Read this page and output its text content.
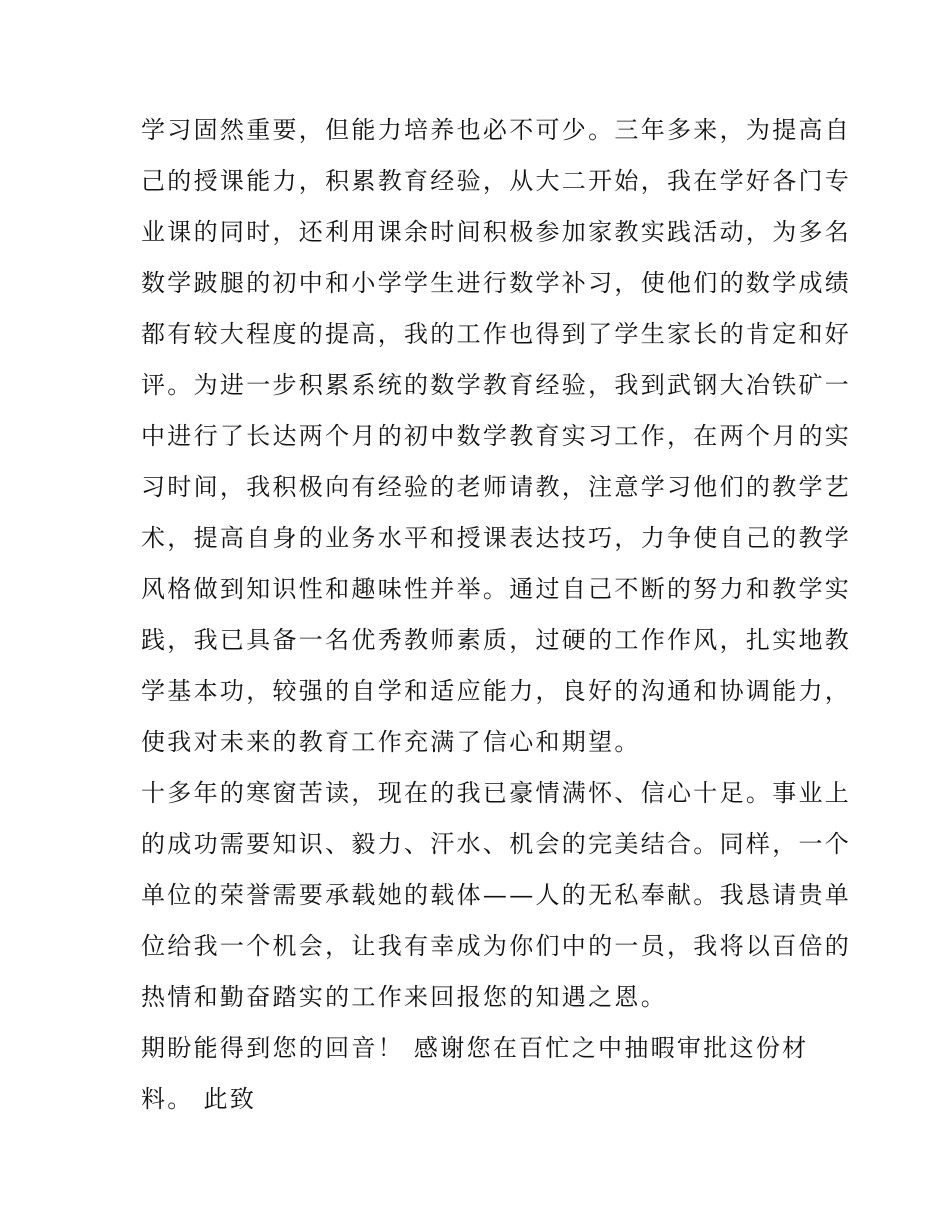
学习固然重要，但能力培养也必不可少。三年多来，为提高自
己的授课能力，积累教育经验，从大二开始，我在学好各门专
业课的同时，还利用课余时间积极参加家教实践活动，为多名
数学跛腿的初中和小学学生进行数学补习，使他们的数学成绩
都有较大程度的提高，我的工作也得到了学生家长的肯定和好
评。为进一步积累系统的数学教育经验，我到武钢大冶铁矿一
中进行了长达两个月的初中数学教育实习工作，在两个月的实
习时间，我积极向有经验的老师请教，注意学习他们的教学艺
术，提高自身的业务水平和授课表达技巧，力争使自己的教学
风格做到知识性和趣味性并举。通过自己不断的努力和教学实
践，我已具备一名优秀教师素质，过硬的工作作风，扎实地教
学基本功，较强的自学和适应能力，良好的沟通和协调能力，
使我对未来的教育工作充满了信心和期望。
十多年的寒窗苦读，现在的我已豪情满怀、信心十足。事业上
的成功需要知识、毅力、汗水、机会的完美结合。同样，一个
单位的荣誉需要承载她的载体——人的无私奉献。我恳请贵单
位给我一个机会，让我有幸成为你们中的一员，我将以百倍的
热情和勤奋踏实的工作来回报您的知遇之恩。
期盼能得到您的回音！ 感谢您在百忙之中抽暇审批这份材
料。 此致
